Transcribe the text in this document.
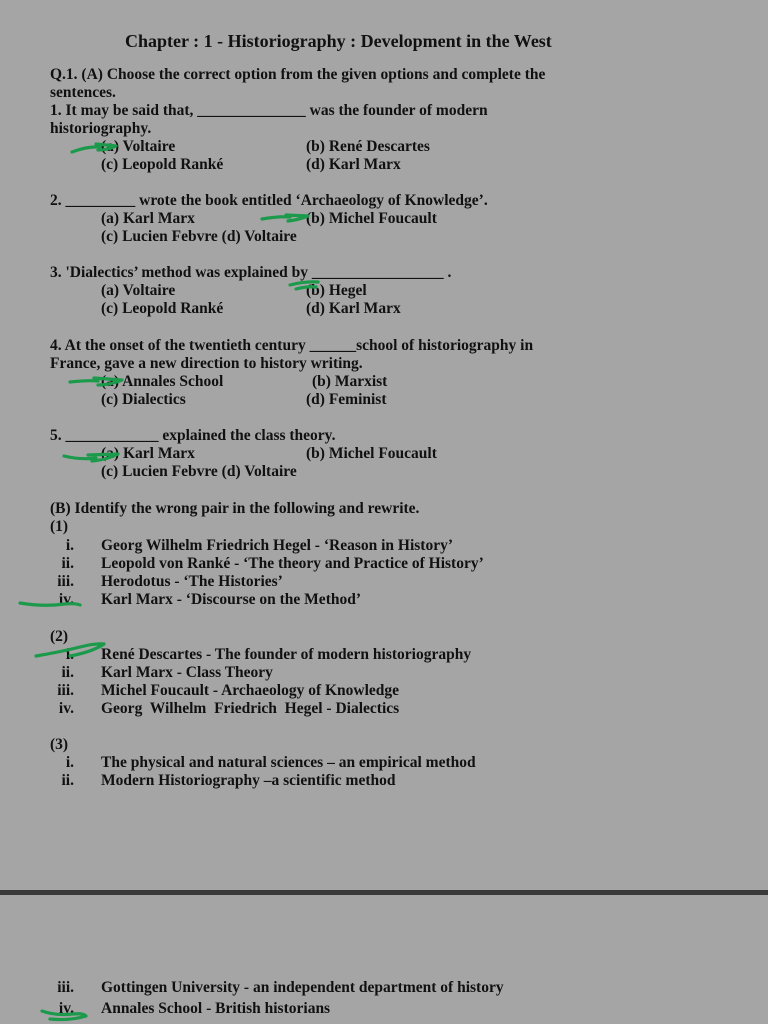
Chapter : 1 - Historiography : Development in the West
Q.1. (A) Choose the correct option from the given options and complete the
sentences.
1. It may be said that, ______________ was the founder of modern
historiography.
(a) Voltaire	(b) René Descartes
(c) Leopold Ranké	(d) Karl Marx
2. _________ wrote the book entitled ‘Archaeology of Knowledge’.
(a) Karl Marx	(b) Michel Foucault
(c) Lucien Febvre (d) Voltaire
3. 'Dialectics’ method was explained by _________________ .
(a) Voltaire	(b) Hegel
(c) Leopold Ranké	(d) Karl Marx
4. At the onset of the twentieth century ______school of historiography in
France, gave a new direction to history writing.
(a) Annales School	(b) Marxist
(c) Dialectics	(d) Feminist
5. ____________ explained the class theory.
(a) Karl Marx	(b) Michel Foucault
(c) Lucien Febvre (d) Voltaire
(B) Identify the wrong pair in the following and rewrite.
(1)
i. Georg Wilhelm Friedrich Hegel - ‘Reason in History’
ii. Leopold von Ranké - ‘The theory and Practice of History’
iii. Herodotus - ‘The Histories’
iv. Karl Marx - ‘Discourse on the Method’
(2)
i. René Descartes - The founder of modern historiography
ii. Karl Marx - Class Theory
iii. Michel Foucault - Archaeology of Knowledge
iv. Georg  Wilhelm  Friedrich  Hegel - Dialectics
(3)
i. The physical and natural sciences – an empirical method
ii. Modern Historiography –a scientific method
iii. Gottingen University - an independent department of history
iv. Annales School - British historians
